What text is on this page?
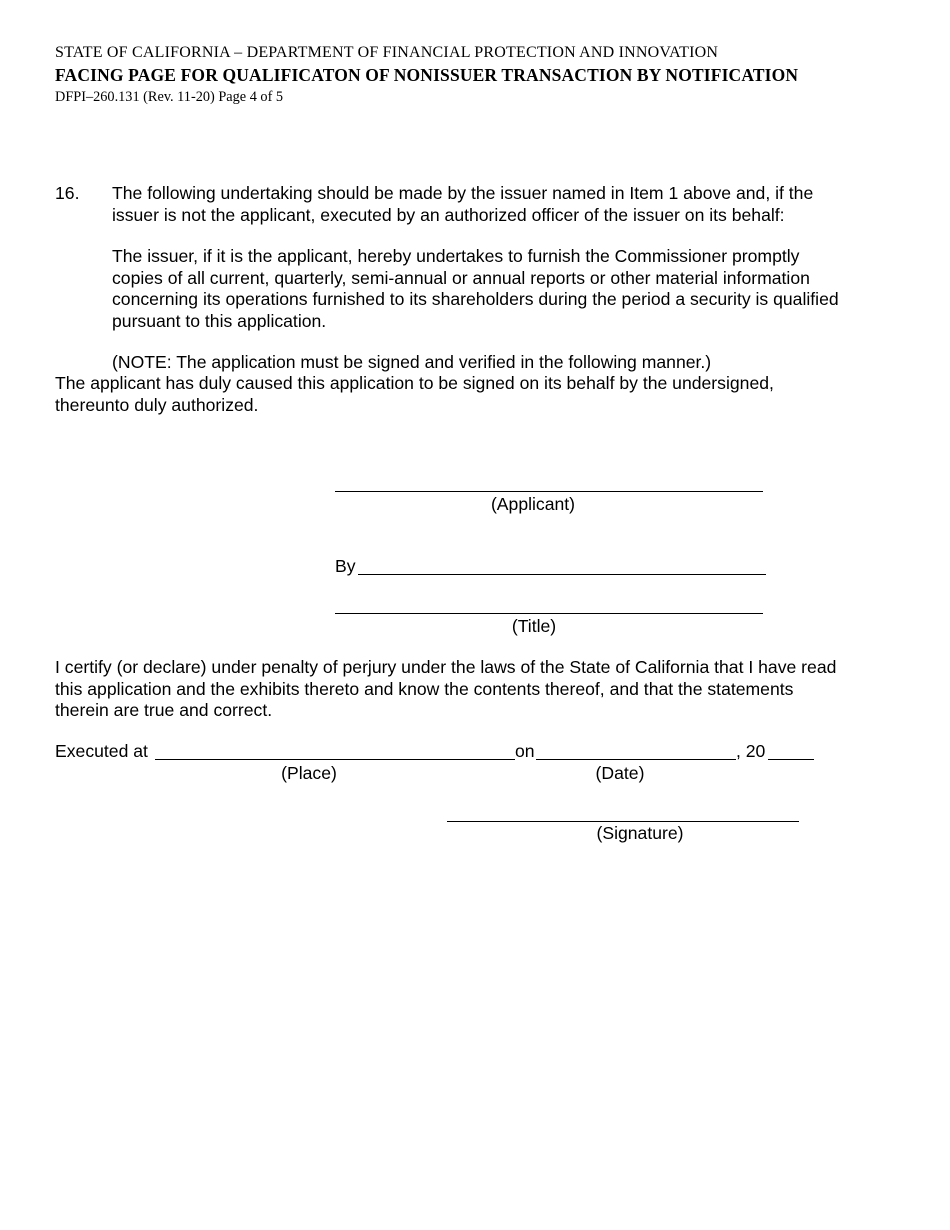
STATE OF CALIFORNIA – DEPARTMENT OF FINANCIAL PROTECTION AND INNOVATION
FACING PAGE FOR QUALIFICATON OF NONISSUER TRANSACTION BY NOTIFICATION
DFPI–260.131 (Rev. 11-20) Page 4 of 5
16. The following undertaking should be made by the issuer named in Item 1 above and, if the
issuer is not the applicant, executed by an authorized officer of the issuer on its behalf:
The issuer, if it is the applicant, hereby undertakes to furnish the Commissioner promptly
copies of all current, quarterly, semi-annual or annual reports or other material information
concerning its operations furnished to its shareholders during the period a security is qualified
pursuant to this application.
(NOTE: The application must be signed and verified in the following manner.)
The applicant has duly caused this application to be signed on its behalf by the undersigned,
thereunto duly authorized.
(Applicant)
By
(Title)
I certify (or declare) under penalty of perjury under the laws of the State of California that I have read
this application and the exhibits thereto and know the contents thereof, and that the statements
therein are true and correct.
Executed at	on	, 20
(Place)	(Date)
(Signature)
